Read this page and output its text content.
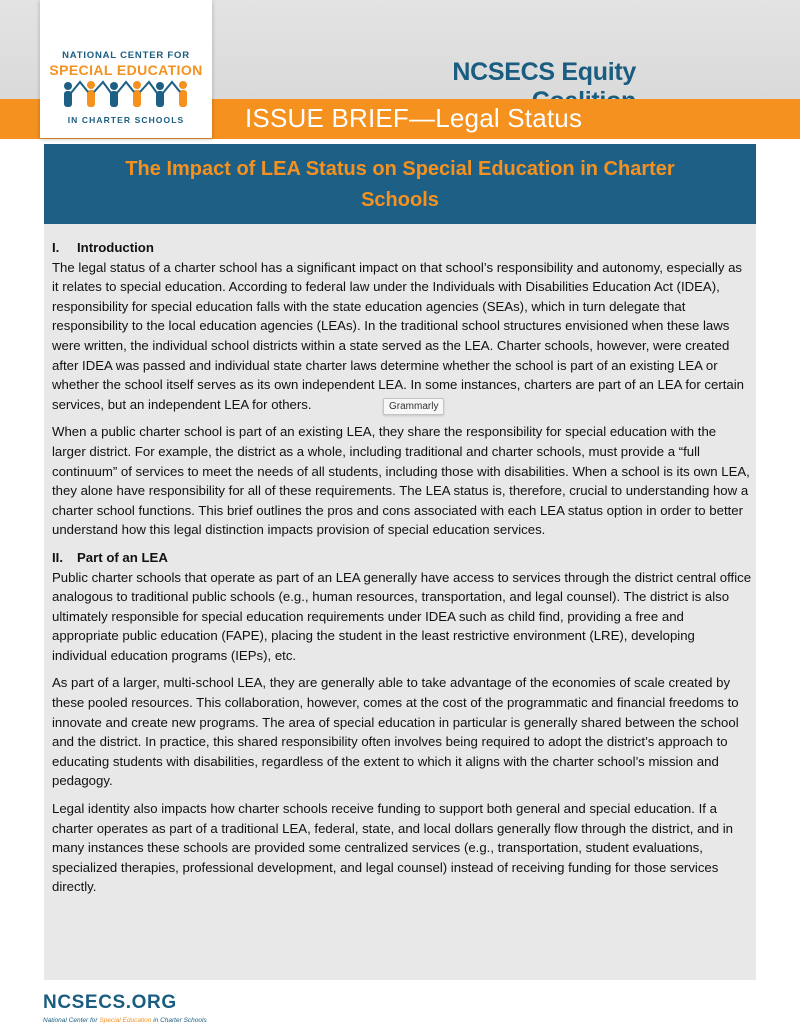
NCSECS Equity
ISSUE BRIEF—Legal Status
NATIONAL CENTER FOR
SPECIAL EDUCATION
IN CHARTER SCHOOLS
The Impact of LEA Status on Special Education in Charter
Schools

I. Introduction

The legal status of a charter school has a significant impact on that school’s responsibility and autonomy, especially as it relates to special education. According to federal law under the Individuals with Disabilities Education Act (IDEA), responsibility for special education falls with the state education agencies (SEAs), which in turn delegate that responsibility to the local education agencies (LEAs). In the traditional school structures envisioned when these laws were written, the individual school districts within a state served as the LEA. Charter schools, however, were created after IDEA was passed and individual state charter laws determine whether the school is part of an existing LEA or whether the school itself serves as its own independent LEA. In some instances, charters are part of an LEA for certain services, but an independent LEA for others.

When a public charter school is part of an existing LEA, they share the responsibility for special education with the larger district. For example, the district as a whole, including traditional and charter schools, must provide a “full continuum” of services to meet the needs of all students, including those with disabilities. When a school is its own LEA, they alone have responsibility for all of these requirements. The LEA status is, therefore, crucial to understanding how a charter school functions. This brief outlines the pros and cons associated with each LEA status option in order to better understand how this legal distinction impacts provision of special education services.

II. Part of an LEA

Public charter schools that operate as part of an LEA generally have access to services through the district central office analogous to traditional public schools (e.g., human resources, transportation, and legal counsel). The district is also ultimately responsible for special education requirements under IDEA such as child find, providing a free and appropriate public education (FAPE), placing the student in the least restrictive environment (LRE), developing individual education programs (IEPs), etc.

As part of a larger, multi-school LEA, they are generally able to take advantage of the economies of scale created by these pooled resources. This collaboration, however, comes at the cost of the programmatic and financial freedoms to innovate and create new programs. The area of special education in particular is generally shared between the school and the district. In practice, this shared responsibility often involves being required to adopt the district’s approach to educating students with disabilities, regardless of the extent to which it aligns with the charter school’s mission and pedagogy.

Legal identity also impacts how charter schools receive funding to support both general and special education. If a charter operates as part of a traditional LEA, federal, state, and local dollars generally flow through the district, and in many instances these schools are provided some centralized services (e.g., transportation, student evaluations, specialized therapies, professional development, and legal counsel) instead of receiving funding for those services directly.

Grammarly
NCSECS.ORG
National Center for Special Education in Charter Schools
